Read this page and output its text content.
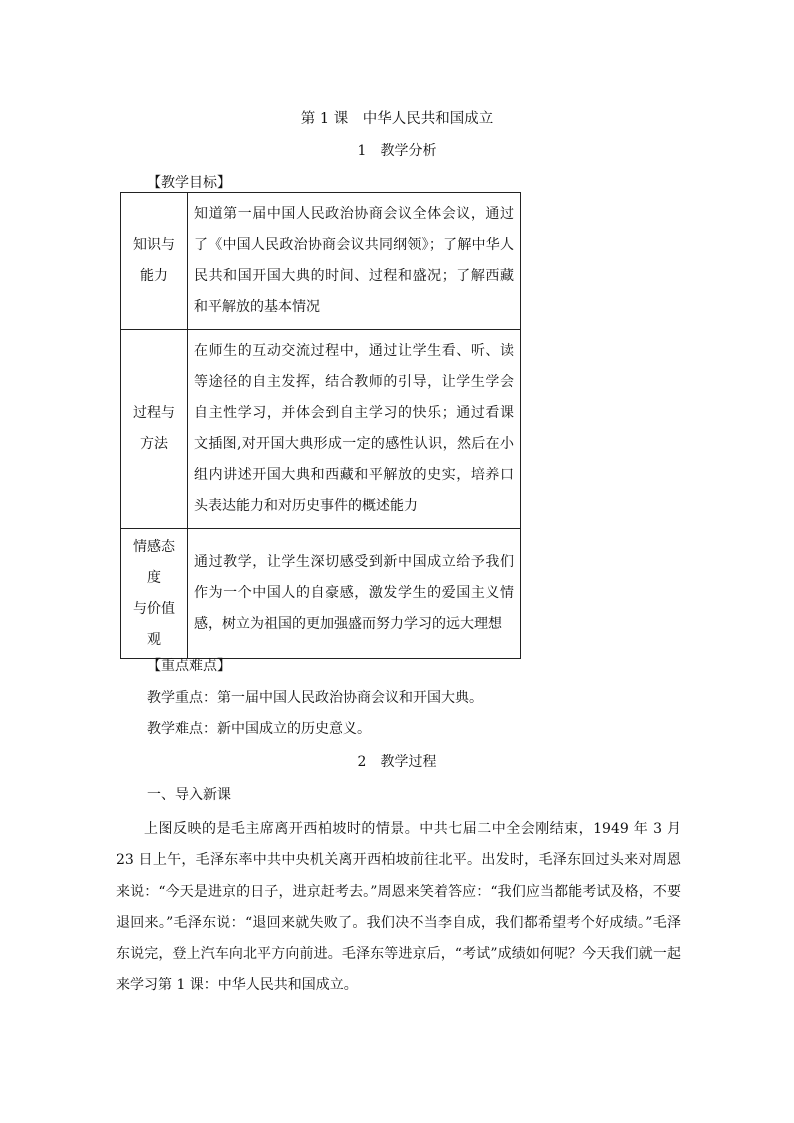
第 1 课　中华人民共和国成立
1　教学分析
【教学目标】
知识与
能力	知道第一届中国人民政治协商会议全体会议，通过了《中国人民政治协商会议共同纲领》；了解中华人民共和国开国大典的时间、过程和盛况；了解西藏和平解放的基本情况

过程与
方法	在师生的互动交流过程中，通过让学生看、听、读等途径的自主发挥，结合教师的引导，让学生学会自主性学习，并体会到自主学习的快乐；通过看课文插图,对开国大典形成一定的感性认识，然后在小组内讲述开国大典和西藏和平解放的史实，培养口头表达能力和对历史事件的概述能力

情感态
度
与价值
观	通过教学，让学生深切感受到新中国成立给予我们作为一个中国人的自豪感，激发学生的爱国主义情感，树立为祖国的更加强盛而努力学习的远大理想
【重点难点】
教学重点：第一届中国人民政治协商会议和开国大典。
教学难点：新中国成立的历史意义。
2　教学过程
一、导入新课
上图反映的是毛主席离开西柏坡时的情景。中共七届二中全会刚结束，1949 年 3 月 23 日上午，毛泽东率中共中央机关离开西柏坡前往北平。出发时，毛泽东回过头来对周恩来说：“今天是进京的日子，进京赶考去。”周恩来笑着答应：“我们应当都能考试及格，不要退回来。”毛泽东说：“退回来就失败了。我们决不当李自成，我们都希望考个好成绩。”毛泽东说完，登上汽车向北平方向前进。毛泽东等进京后，“考试”成绩如何呢？今天我们就一起来学习第 1 课：中华人民共和国成立。
